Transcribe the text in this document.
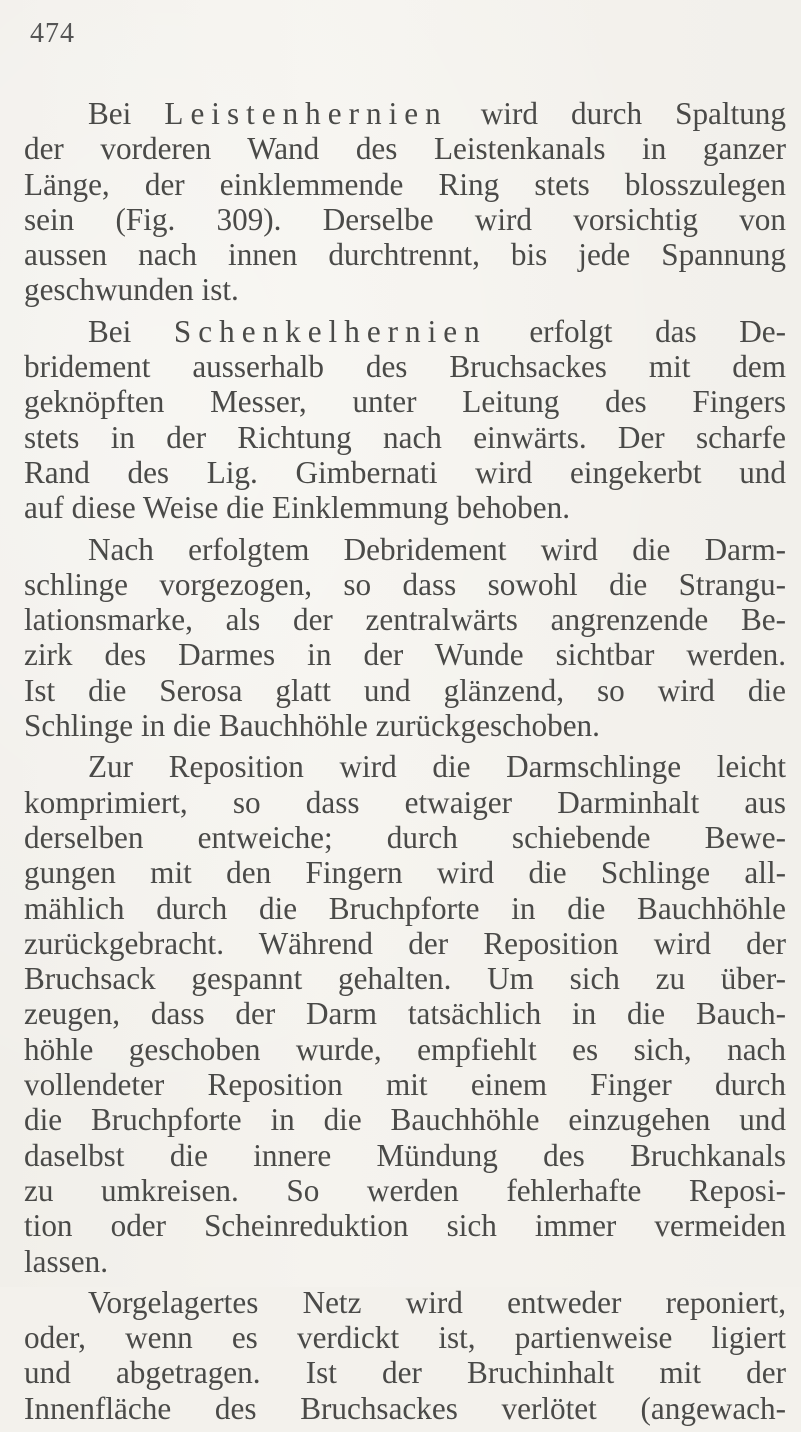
474

Bei Leistenhernien wird durch Spaltung
der vorderen Wand des Leistenkanals in ganzer
Länge, der einklemmende Ring stets blosszulegen
sein (Fig. 309). Derselbe wird vorsichtig von
aussen nach innen durchtrennt, bis jede Spannung
geschwunden ist.

Bei Schenkelhernien erfolgt das De-
bridement ausserhalb des Bruchsackes mit dem
geknöpften Messer, unter Leitung des Fingers
stets in der Richtung nach einwärts. Der scharfe
Rand des Lig. Gimbernati wird eingekerbt und
auf diese Weise die Einklemmung behoben.

Nach erfolgtem Debridement wird die Darm-
schlinge vorgezogen, so dass sowohl die Strangu-
lationsmarke, als der zentralwärts angrenzende Be-
zirk des Darmes in der Wunde sichtbar werden.
Ist die Serosa glatt und glänzend, so wird die
Schlinge in die Bauchhöhle zurückgeschoben.

Zur Reposition wird die Darmschlinge leicht
komprimiert, so dass etwaiger Darminhalt aus
derselben entweiche; durch schiebende Bewe-
gungen mit den Fingern wird die Schlinge all-
mählich durch die Bruchpforte in die Bauchhöhle
zurückgebracht. Während der Reposition wird der
Bruchsack gespannt gehalten. Um sich zu über-
zeugen, dass der Darm tatsächlich in die Bauch-
höhle geschoben wurde, empfiehlt es sich, nach
vollendeter Reposition mit einem Finger durch
die Bruchpforte in die Bauchhöhle einzugehen und
daselbst die innere Mündung des Bruchkanals
zu umkreisen. So werden fehlerhafte Reposi-
tion oder Scheinreduktion sich immer vermeiden
lassen.

Vorgelagertes Netz wird entweder reponiert,
oder, wenn es verdickt ist, partienweise ligiert
und abgetragen. Ist der Bruchinhalt mit der
Innenfläche des Bruchsackes verlötet (angewach-
